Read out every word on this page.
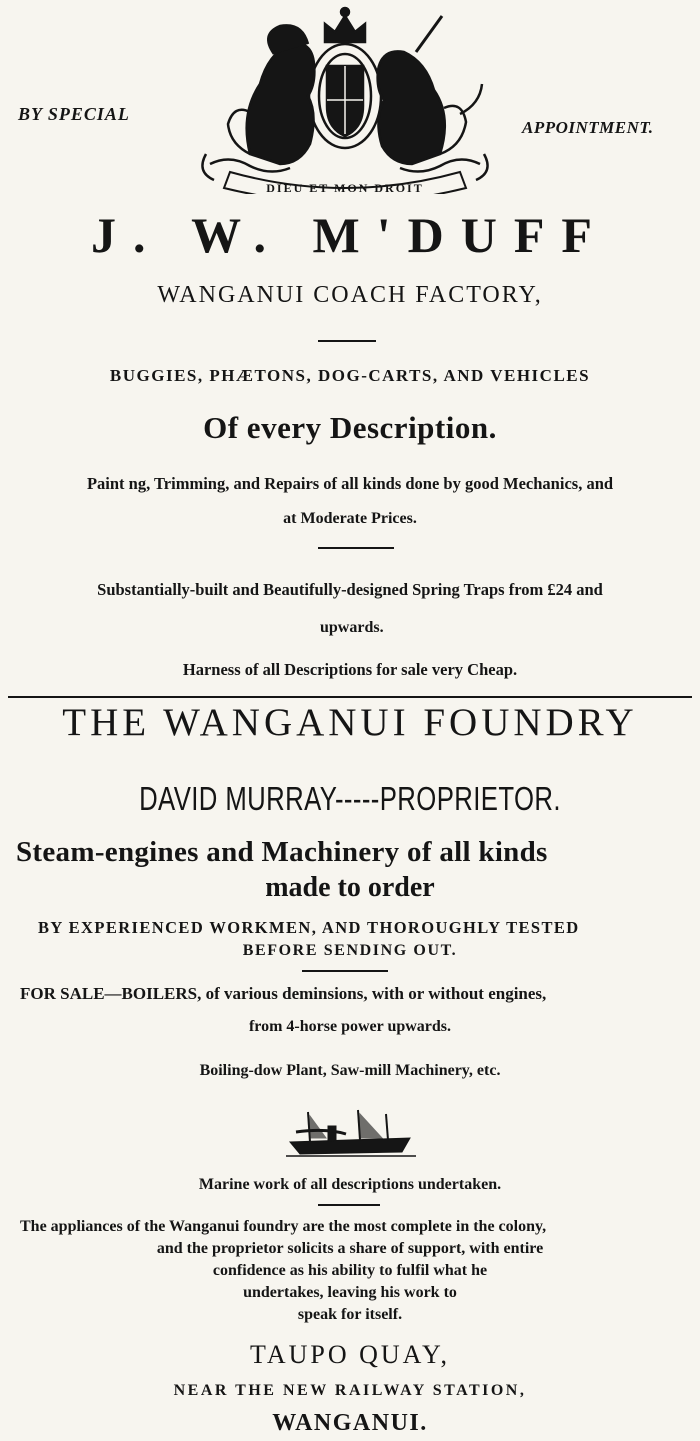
DIEU ET MON DROIT
BY SPECIAL
APPOINTMENT.
J. W. M'DUFF
WANGANUI COACH FACTORY,
BUGGIES, PHÆTONS, DOG-CARTS, AND VEHICLES
Of every Description.
Paint ng, Trimming, and Repairs of all kinds done by good Mechanics, and
at Moderate Prices.
Substantially-built and Beautifully-designed Spring Traps from £24 and
upwards.
Harness of all Descriptions for sale very Cheap.
THE WANGANUI FOUNDRY
DAVID MURRAY-----PROPRIETOR.
Steam-engines and Machinery of all kinds
made to order
BY EXPERIENCED WORKMEN, AND THOROUGHLY TESTED
BEFORE SENDING OUT.
FOR SALE—BOILERS, of various deminsions, with or without engines,
from 4-horse power upwards.
Boiling-dow Plant, Saw-mill Machinery, etc.
Marine work of all descriptions undertaken.
The appliances of the Wanganui foundry are the most complete in the colony,
and the proprietor solicits a share of support, with entire
confidence as his ability to fulfil what he
undertakes, leaving his work to
speak for itself.
TAUPO QUAY,
NEAR THE NEW RAILWAY STATION,
WANGANUI.
